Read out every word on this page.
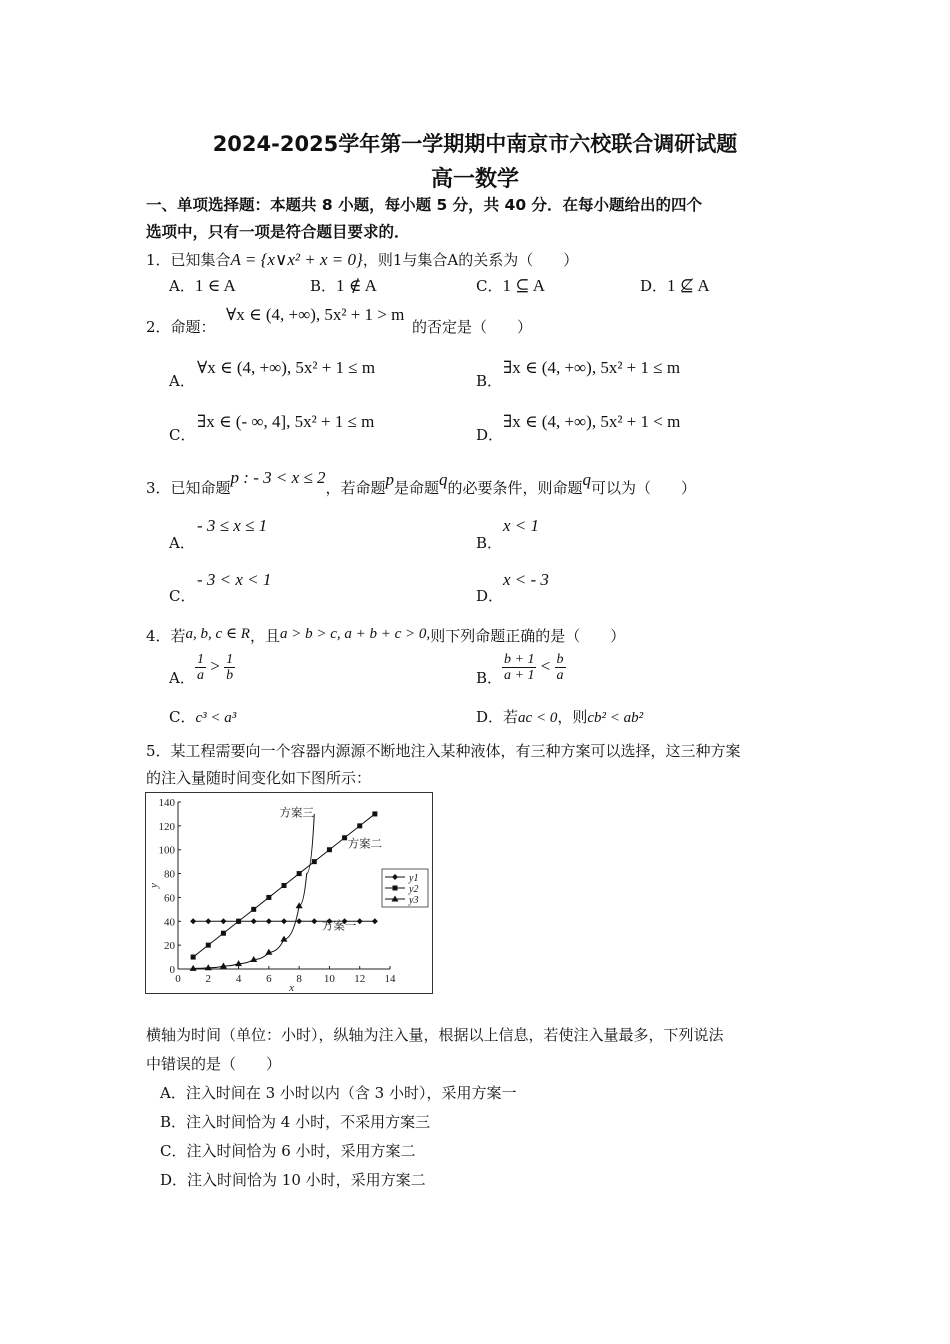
2024-2025学年第一学期期中南京市六校联合调研试题
高一数学
一、单项选择题：本题共 8 小题，每小题 5 分，共 40 分．在每小题给出的四个
选项中，只有一项是符合题目要求的．
1．已知集合A = {x∨x² + x = 0}，则1与集合A的关系为（　　）
A．1 ∈ A	B．1 ∉ A	C．1 ⊆ A	D．1 ⊈ A
2．命题：
∀x ∈ (4, +∞), 5x² + 1 > m
的否定是（　　）
A．
∀x ∈ (4, +∞), 5x² + 1 ≤ m
B．
∃x ∈ (4, +∞), 5x² + 1 ≤ m
C．
∃x ∈ (- ∞, 4], 5x² + 1 ≤ m
D．
∃x ∈ (4, +∞), 5x² + 1 < m
3．已知命题p : - 3 < x ≤ 2，若命题p是命题q的必要条件，则命题q可以为（　　）
A．
- 3 ≤ x ≤ 1
B．
x < 1
C．
- 3 < x < 1
D．
x < - 3
4．若a, b, c ∈ R，且a > b > c, a + b + c > 0,则下列命题正确的是（　　）
A． $\frac{1}{a} > \frac{1}{b}$	B． $\frac{b + 1}{a + 1} < \frac{b}{a}$
C．c³ < a³	D．若ac < 0，则cb² < ab²
5．某工程需要向一个容器内源源不断地注入某种液体，有三种方案可以选择，这三种方案
的注入量随时间变化如下图所示：
0 2 4 6 8 10 12 14
0
20
40
60
80
100
120
140
x
y
方案一
方案二
方案三
y1
y2
y3
横轴为时间（单位：小时），纵轴为注入量，根据以上信息，若使注入量最多，下列说法
中错误的是（　　）
A．注入时间在 3 小时以内（含 3 小时），采用方案一
B．注入时间恰为 4 小时，不采用方案三
C．注入时间恰为 6 小时，采用方案二
D．注入时间恰为 10 小时，采用方案二
